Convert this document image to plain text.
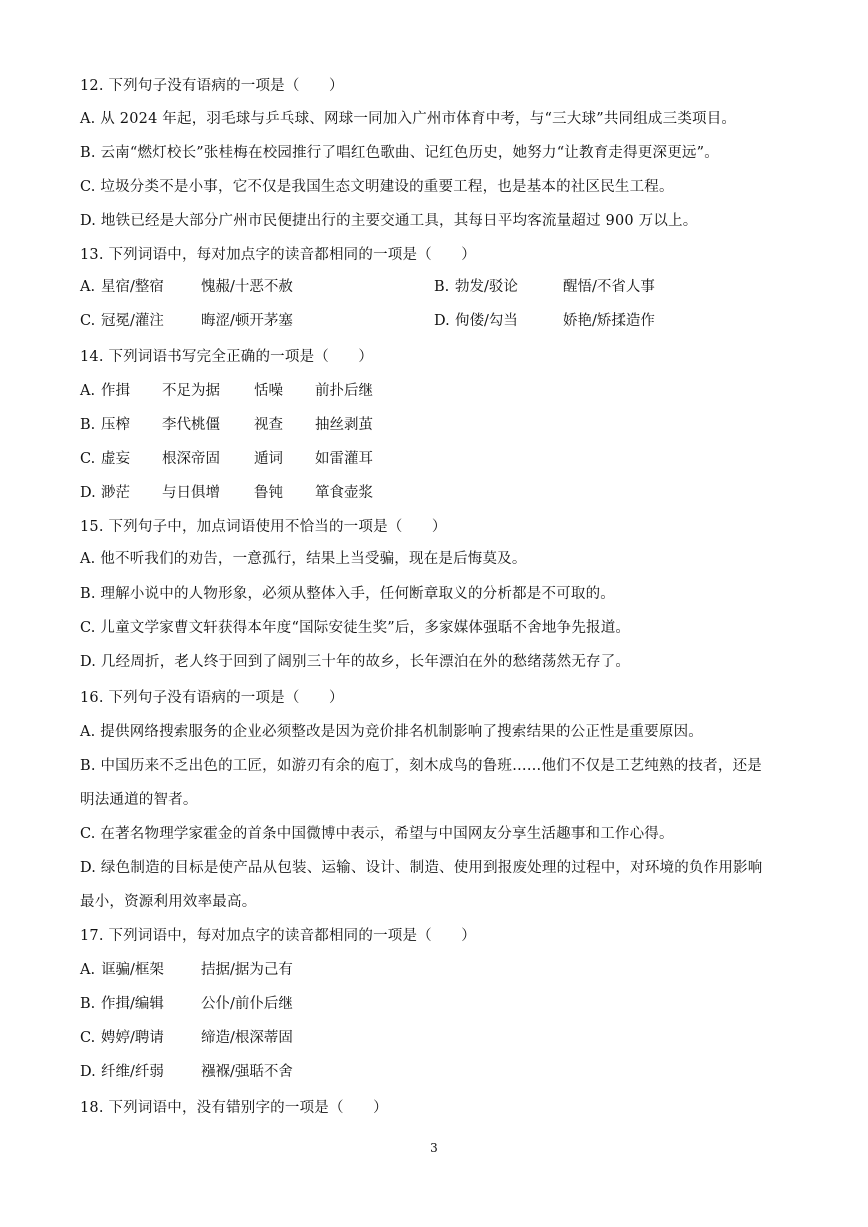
12. 下列句子没有语病的一项是（　　）
A. 从 2024 年起，羽毛球与乒乓球、网球一同加入广州市体育中考，与“三大球”共同组成三类项目。
B. 云南“燃灯校长”张桂梅在校园推行了唱红色歌曲、记红色历史，她努力“让教育走得更深更远”。
C. 垃圾分类不是小事，它不仅是我国生态文明建设的重要工程，也是基本的社区民生工程。
D. 地铁已经是大部分广州市民便捷出行的主要交通工具，其每日平均客流量超过 900 万以上。
13. 下列词语中，每对加点字的读音都相同的一项是（　　）
A. 星宿/整宿	愧赧/十恶不赦	B. 勃发/驳论	醒悟/不省人事
C. 冠冕/灌注	晦涩/顿开茅塞	D. 佝偻/勾当	娇艳/矫揉造作
14. 下列词语书写完全正确的一项是（　　）
A. 作揖 不足为据 恬噪 前扑后继
B. 压榨 李代桃僵 视查 抽丝剥茧
C. 虚妄 根深帝固 遁词 如雷灌耳
D. 渺茫 与日俱增 鲁钝 箪食壶浆
15. 下列句子中，加点词语使用不恰当的一项是（　　）
A. 他不听我们的劝告，一意孤行，结果上当受骗，现在是后悔莫及。
B. 理解小说中的人物形象，必须从整体入手，任何断章取义的分析都是不可取的。
C. 儿童文学家曹文轩获得本年度“国际安徒生奖”后，多家媒体强聒不舍地争先报道。
D. 几经周折，老人终于回到了阔别三十年的故乡，长年漂泊在外的愁绪荡然无存了。
16. 下列句子没有语病的一项是（　　）
A. 提供网络搜索服务的企业必须整改是因为竞价排名机制影响了搜索结果的公正性是重要原因。
B. 中国历来不乏出色的工匠，如游刃有余的庖丁，刻木成鸟的鲁班……他们不仅是工艺纯熟的技者，还是
明法通道的智者。
C. 在著名物理学家霍金的首条中国微博中表示，希望与中国网友分享生活趣事和工作心得。
D. 绿色制造的目标是使产品从包装、运输、设计、制造、使用到报废处理的过程中，对环境的负作用影响
最小，资源利用效率最高。
17. 下列词语中，每对加点字的读音都相同的一项是（　　）
A. 诓骗/框架	拮据/据为己有
B. 作揖/编辑	公仆/前仆后继
C. 娉婷/聘请	缔造/根深蒂固
D. 纤维/纤弱	襁褓/强聒不舍
18. 下列词语中，没有错别字的一项是（　　）
3
